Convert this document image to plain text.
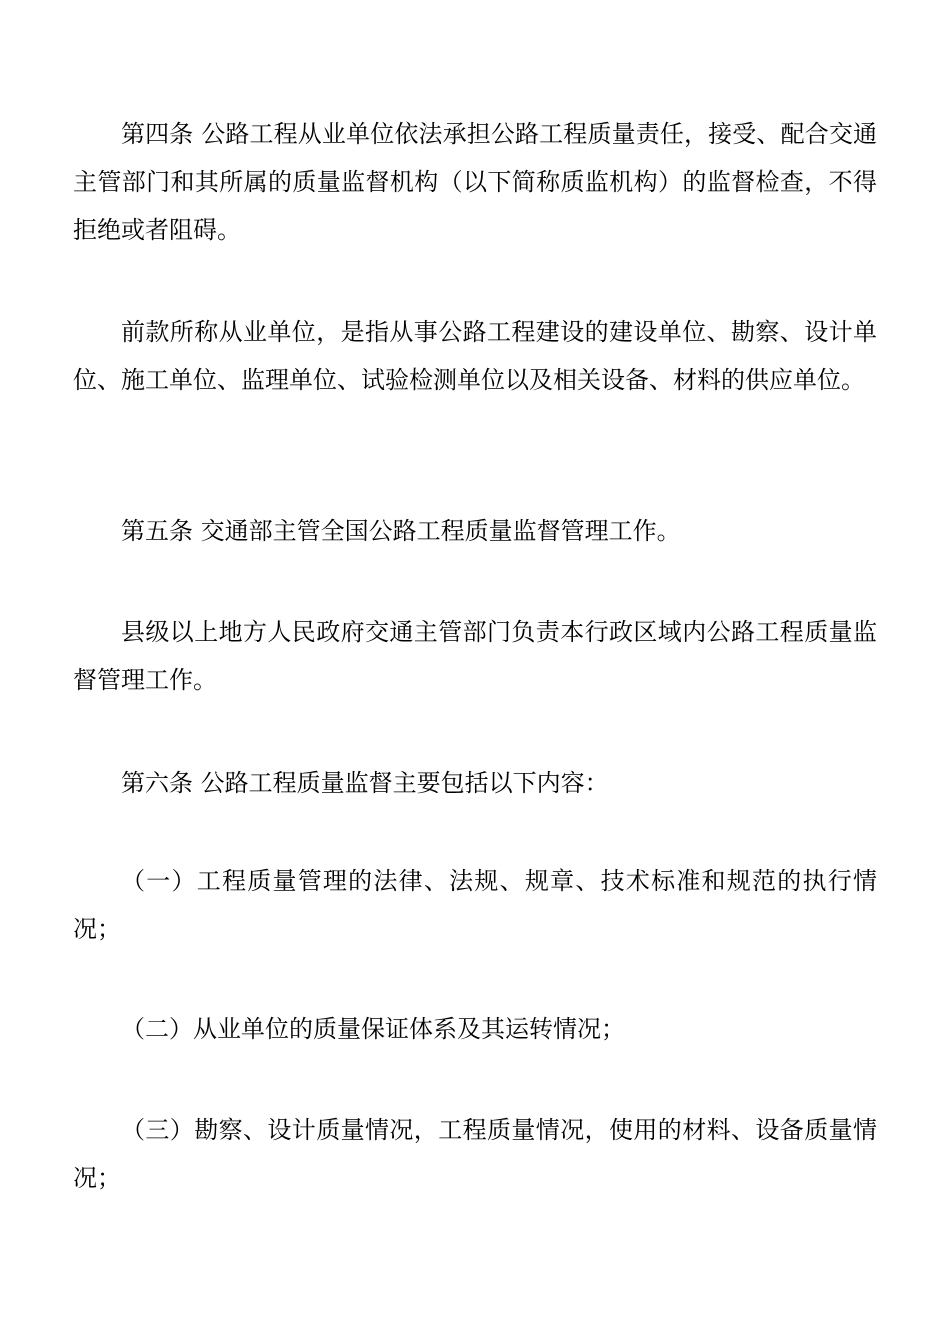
第四条 公路工程从业单位依法承担公路工程质量责任，接受、配合交通主管部门和其所属的质量监督机构（以下简称质监机构）的监督检查，不得拒绝或者阻碍。

前款所称从业单位，是指从事公路工程建设的建设单位、勘察、设计单位、施工单位、监理单位、试验检测单位以及相关设备、材料的供应单位。

第五条 交通部主管全国公路工程质量监督管理工作。

县级以上地方人民政府交通主管部门负责本行政区域内公路工程质量监督管理工作。

第六条 公路工程质量监督主要包括以下内容：

（一）工程质量管理的法律、法规、规章、技术标准和规范的执行情况；

（二）从业单位的质量保证体系及其运转情况；

（三）勘察、设计质量情况，工程质量情况，使用的材料、设备质量情况；
